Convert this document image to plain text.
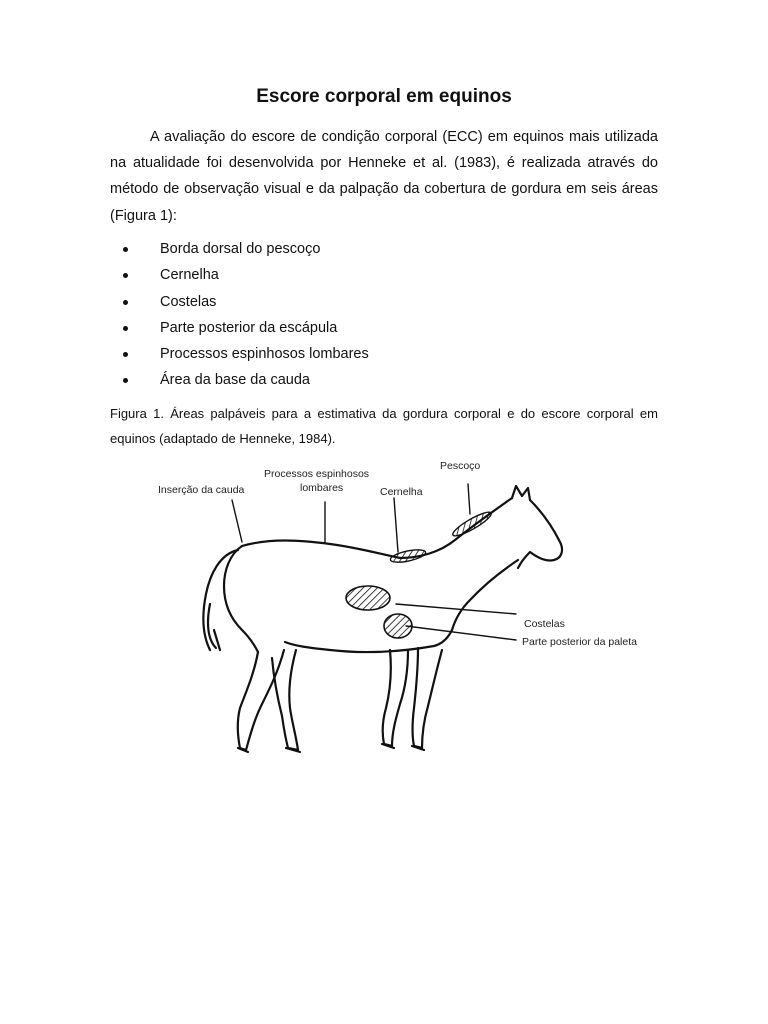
Escore corporal em equinos

A avaliação do escore de condição corporal (ECC) em equinos mais utilizada na atualidade foi desenvolvida por Henneke et al. (1983), é realizada através do método de observação visual e da palpação da cobertura de gordura em seis áreas (Figura 1):

Borda dorsal do pescoço
Cernelha
Costelas
Parte posterior da escápula
Processos espinhosos lombares
Área da base da cauda

Figura 1. Áreas palpáveis para a estimativa da gordura corporal e do escore corporal em equinos (adaptado de Henneke, 1984).

Inserção da cauda
Processos espinhosos
lombares	Cernelha
Pescoço
Costelas
Parte posterior da paleta
